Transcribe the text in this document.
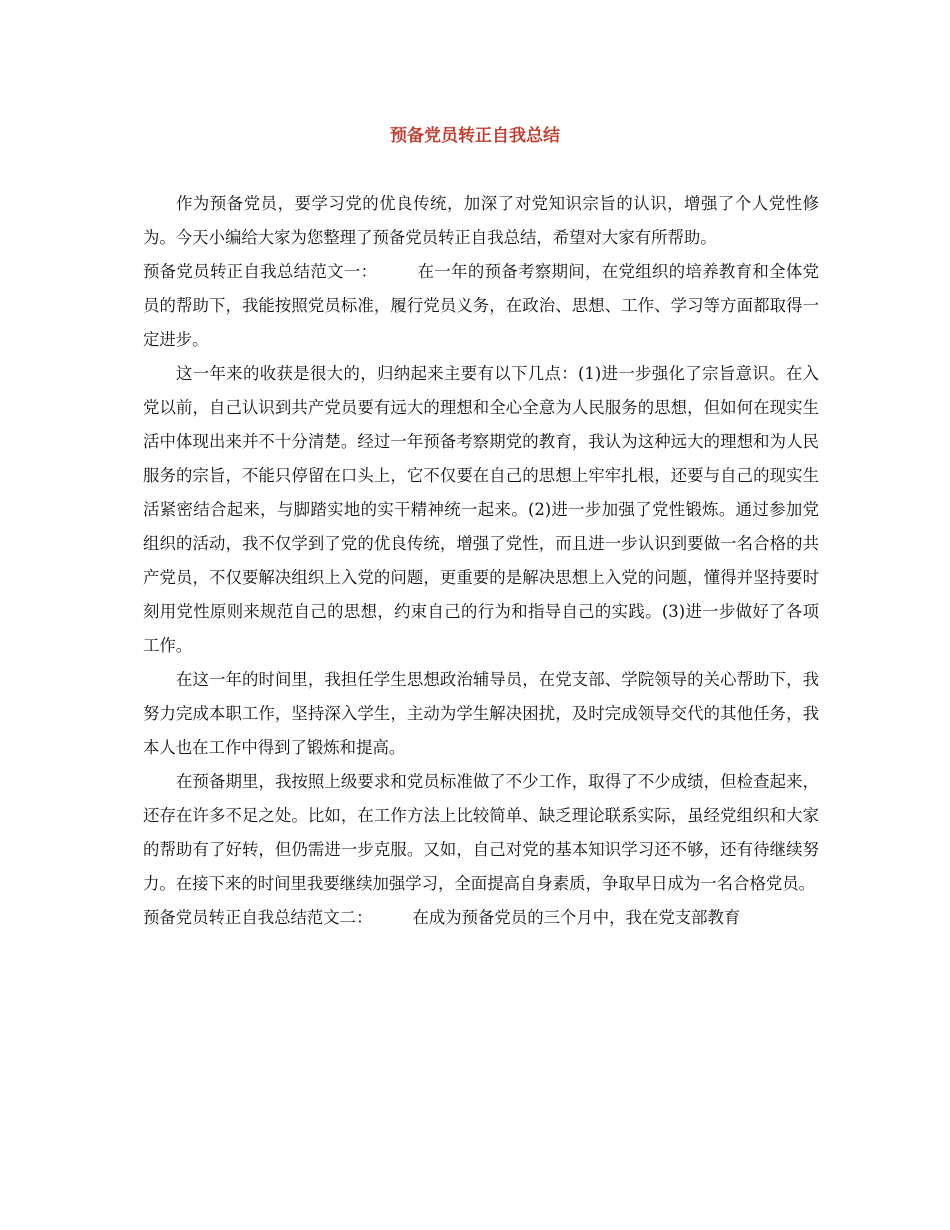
预备党员转正自我总结

作为预备党员，要学习党的优良传统，加深了对党知识宗旨的认识，增强了个人党性修为。今天小编给大家为您整理了预备党员转正自我总结，希望对大家有所帮助。

预备党员转正自我总结范文一： 在一年的预备考察期间，在党组织的培养教育和全体党员的帮助下，我能按照党员标准，履行党员义务，在政治、思想、工作、学习等方面都取得一定进步。

这一年来的收获是很大的，归纳起来主要有以下几点：(1)进一步强化了宗旨意识。在入党以前，自己认识到共产党员要有远大的理想和全心全意为人民服务的思想，但如何在现实生活中体现出来并不十分清楚。经过一年预备考察期党的教育，我认为这种远大的理想和为人民服务的宗旨，不能只停留在口头上，它不仅要在自己的思想上牢牢扎根，还要与自己的现实生活紧密结合起来，与脚踏实地的实干精神统一起来。(2)进一步加强了党性锻炼。通过参加党组织的活动，我不仅学到了党的优良传统，增强了党性，而且进一步认识到要做一名合格的共产党员，不仅要解决组织上入党的问题，更重要的是解决思想上入党的问题，懂得并坚持要时刻用党性原则来规范自己的思想，约束自己的行为和指导自己的实践。(3)进一步做好了各项工作。

在这一年的时间里，我担任学生思想政治辅导员，在党支部、学院领导的关心帮助下，我努力完成本职工作，坚持深入学生，主动为学生解决困扰，及时完成领导交代的其他任务，我本人也在工作中得到了锻炼和提高。

在预备期里，我按照上级要求和党员标准做了不少工作，取得了不少成绩，但检查起来，还存在许多不足之处。比如，在工作方法上比较简单、缺乏理论联系实际，虽经党组织和大家的帮助有了好转，但仍需进一步克服。又如，自己对党的基本知识学习还不够，还有待继续努力。在接下来的时间里我要继续加强学习，全面提高自身素质，争取早日成为一名合格党员。

预备党员转正自我总结范文二： 在成为预备党员的三个月中，我在党支部教育
